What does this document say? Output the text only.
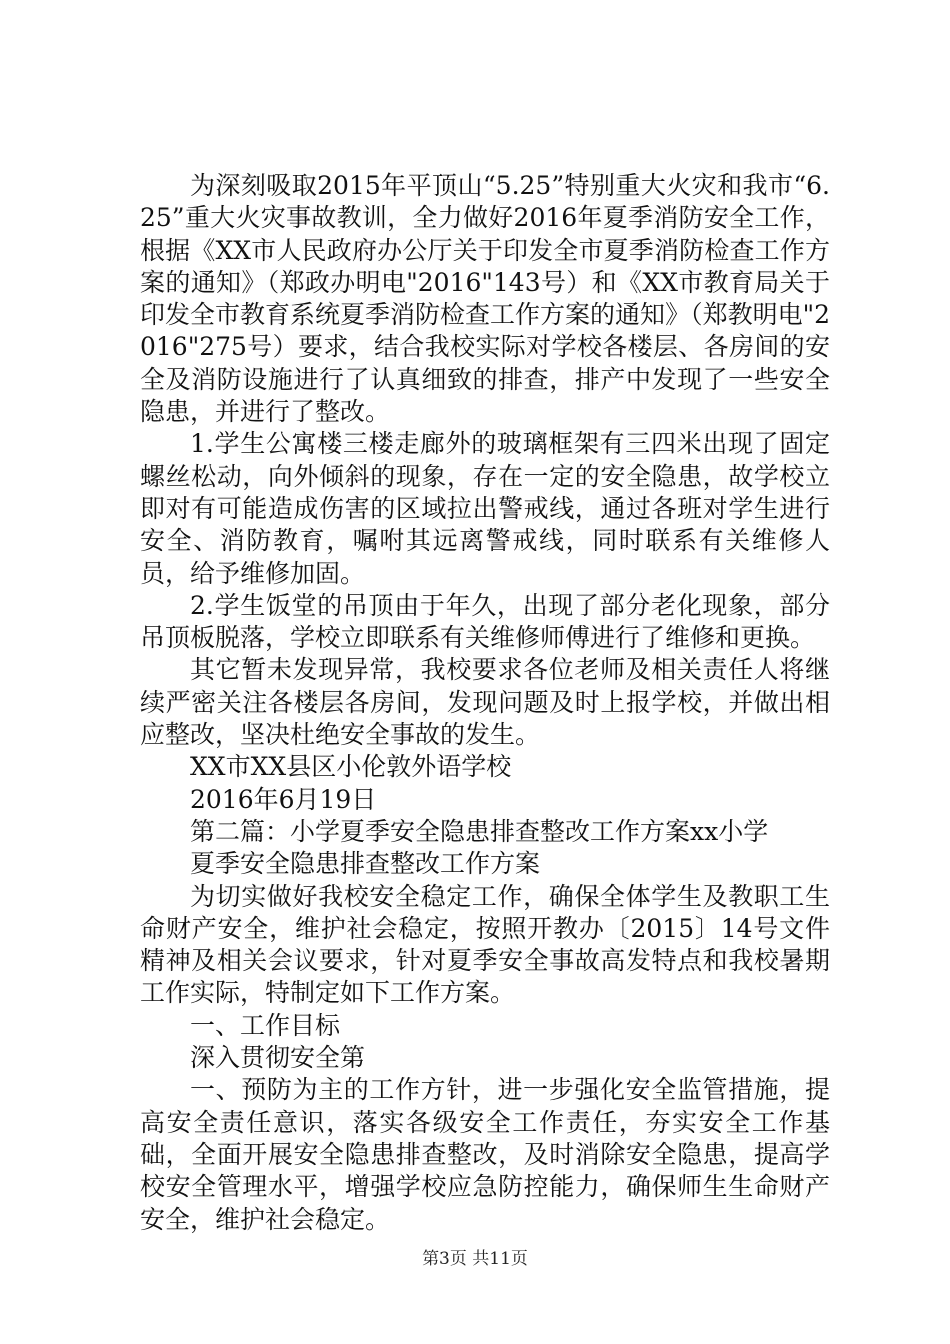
为深刻吸取2015年平顶山“5.25”特别重大火灾和我市“6.25”重大火灾事故教训，全力做好2016年夏季消防安全工作，根据《XX市人民政府办公厅关于印发全市夏季消防检查工作方案的通知》（郑政办明电"2016"143号）和《XX市教育局关于印发全市教育系统夏季消防检查工作方案的通知》（郑教明电"2016"275号）要求，结合我校实际对学校各楼层、各房间的安全及消防设施进行了认真细致的排查，排产中发现了一些安全隐患，并进行了整改。

1.学生公寓楼三楼走廊外的玻璃框架有三四米出现了固定螺丝松动，向外倾斜的现象，存在一定的安全隐患，故学校立即对有可能造成伤害的区域拉出警戒线，通过各班对学生进行安全、消防教育，嘱咐其远离警戒线，同时联系有关维修人员，给予维修加固。

2.学生饭堂的吊顶由于年久，出现了部分老化现象，部分吊顶板脱落，学校立即联系有关维修师傅进行了维修和更换。

其它暂未发现异常，我校要求各位老师及相关责任人将继续严密关注各楼层各房间，发现问题及时上报学校，并做出相应整改，坚决杜绝安全事故的发生。

XX市XX县区小伦敦外语学校

2016年6月19日

第二篇：小学夏季安全隐患排查整改工作方案xx小学

夏季安全隐患排查整改工作方案

为切实做好我校安全稳定工作，确保全体学生及教职工生命财产安全，维护社会稳定，按照开教办〔2015〕14号文件精神及相关会议要求，针对夏季安全事故高发特点和我校暑期工作实际，特制定如下工作方案。

一、工作目标

深入贯彻安全第

一、预防为主的工作方针，进一步强化安全监管措施，提高安全责任意识，落实各级安全工作责任，夯实安全工作基础，全面开展安全隐患排查整改，及时消除安全隐患，提高学校安全管理水平，增强学校应急防控能力，确保师生生命财产安全，维护社会稳定。

第3页 共11页
